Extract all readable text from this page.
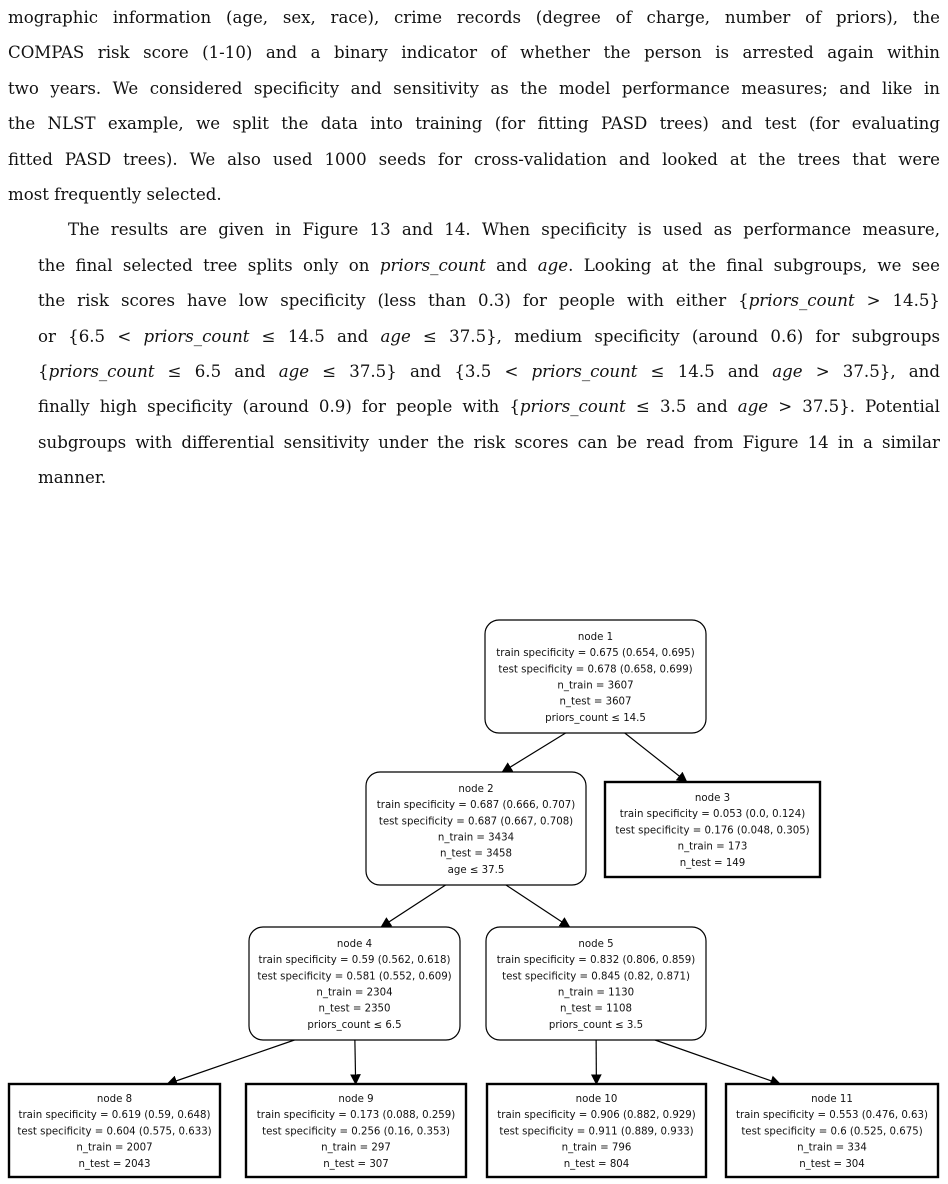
mographic information (age, sex, race), crime records (degree of charge, number of priors), the
COMPAS risk score (1-10) and a binary indicator of whether the person is arrested again within
two years. We considered specificity and sensitivity as the model performance measures; and like in
the NLST example, we split the data into training (for fitting PASD trees) and test (for evaluating
fitted PASD trees). We also used 1000 seeds for cross-validation and looked at the trees that were
most frequently selected.

The results are given in Figure 13 and 14. When specificity is used as performance measure,
the final selected tree splits only on priors_count and age. Looking at the final subgroups, we see
the risk scores have low specificity (less than 0.3) for people with either {priors_count > 14.5}
or {6.5 < priors_count ≤ 14.5 and age ≤ 37.5}, medium specificity (around 0.6) for subgroups
{priors_count ≤ 6.5 and age ≤ 37.5} and {3.5 < priors_count ≤ 14.5 and age > 37.5}, and
finally high specificity (around 0.9) for people with {priors_count ≤ 3.5 and age > 37.5}. Potential
subgroups with differential sensitivity under the risk scores can be read from Figure 14 in a similar
manner.

node 1
train specificity = 0.675 (0.654, 0.695)
test specificity = 0.678 (0.658, 0.699)
n_train = 3607
n_test = 3607
priors_count ≤ 14.5
node 2
train specificity = 0.687 (0.666, 0.707)
test specificity = 0.687 (0.667, 0.708)
n_train = 3434
n_test = 3458
age ≤ 37.5
node 3
train specificity = 0.053 (0.0, 0.124)
test specificity = 0.176 (0.048, 0.305)
n_train = 173
n_test = 149
node 4
train specificity = 0.59 (0.562, 0.618)
test specificity = 0.581 (0.552, 0.609)
n_train = 2304
n_test = 2350
priors_count ≤ 6.5
node 5
train specificity = 0.832 (0.806, 0.859)
test specificity = 0.845 (0.82, 0.871)
n_train = 1130
n_test = 1108
priors_count ≤ 3.5
node 8
train specificity = 0.619 (0.59, 0.648)
test specificity = 0.604 (0.575, 0.633)
n_train = 2007
n_test = 2043
node 9
train specificity = 0.173 (0.088, 0.259)
test specificity = 0.256 (0.16, 0.353)
n_train = 297
n_test = 307
node 10
train specificity = 0.906 (0.882, 0.929)
test specificity = 0.911 (0.889, 0.933)
n_train = 796
n_test = 804
node 11
train specificity = 0.553 (0.476, 0.63)
test specificity = 0.6 (0.525, 0.675)
n_train = 334
n_test = 304
